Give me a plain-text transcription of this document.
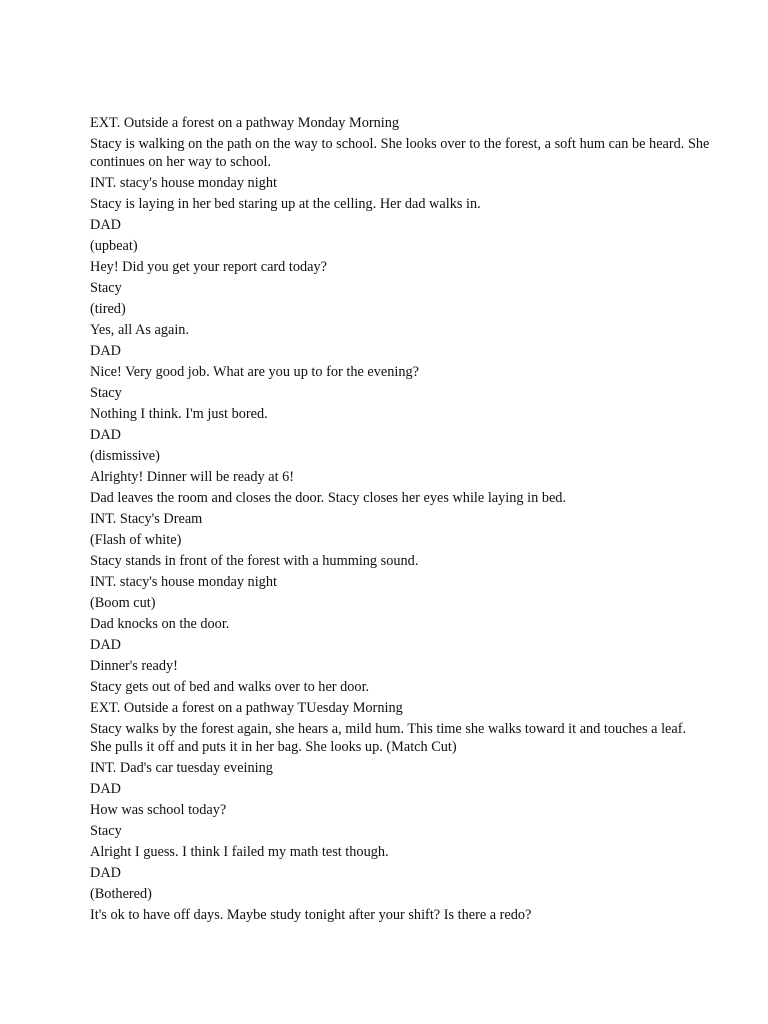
EXT. Outside a forest on a pathway Monday Morning

Stacy is walking on the path on the way to school. She looks over to the forest, a soft hum can be heard. She continues on her way to school.

INT. stacy's house monday night

Stacy is laying in her bed staring up at the celling. Her dad walks in.

DAD

(upbeat)

Hey! Did you get your report card today?

Stacy

(tired)

Yes, all As again.

DAD

Nice! Very good job. What are you up to for the evening?

Stacy

Nothing I think. I'm just bored.

DAD

(dismissive)

Alrighty! Dinner will be ready at 6!

Dad leaves the room and closes the door. Stacy closes her eyes while laying in bed.

INT. Stacy's Dream

(Flash of white)

Stacy stands in front of the forest with a humming sound.

INT. stacy's house monday night

(Boom cut)

Dad knocks on the door.

DAD

Dinner's ready!

Stacy gets out of bed and walks over to her door.

EXT. Outside a forest on a pathway TUesday Morning

Stacy walks by the forest again, she hears a, mild hum. This time she walks toward it and touches a leaf. She pulls it off and puts it in her bag. She looks up. (Match Cut)

INT. Dad's car tuesday eveining

DAD

How was school today?

Stacy

Alright I guess. I think I failed my math test though.

DAD

(Bothered)

It's ok to have off days. Maybe study tonight after your shift? Is there a redo?
